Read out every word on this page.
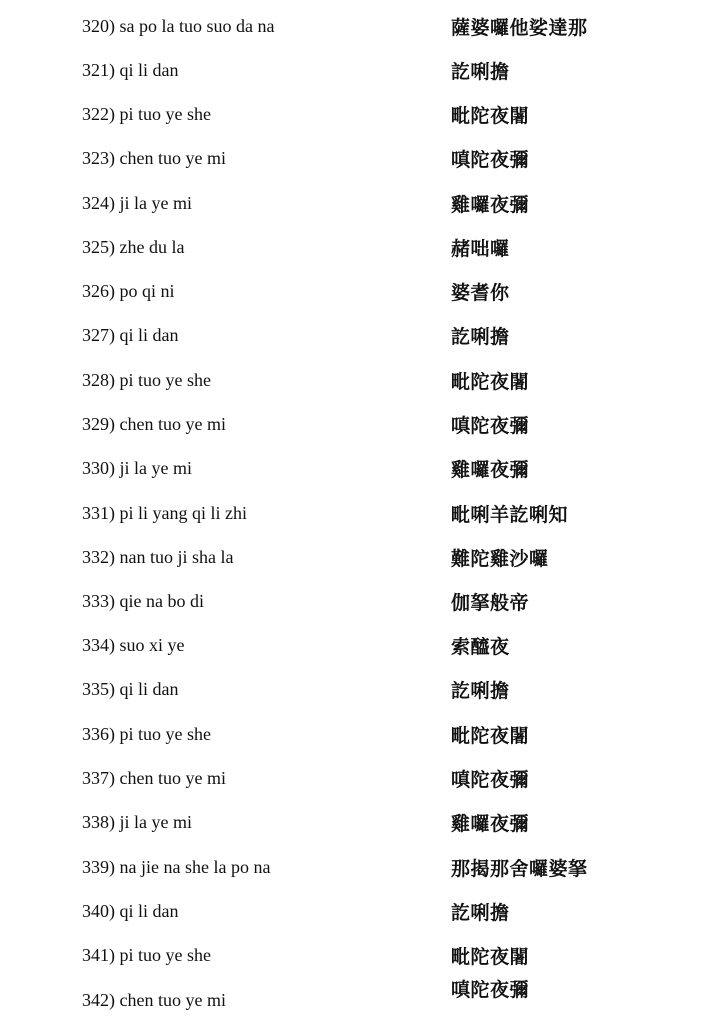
320) sa po la tuo suo da na	薩婆囉他娑達那
321) qi li dan	訖唎擔
322) pi tuo ye she	毗陀夜闍
323) chen tuo ye mi	嗔陀夜彌
324) ji la ye mi	雞囉夜彌
325) zhe du la	赭咄囉
326) po qi ni	婆耆你
327) qi li dan	訖唎擔
328) pi tuo ye she	毗陀夜闍
329) chen tuo ye mi	嗔陀夜彌
330) ji la ye mi	雞囉夜彌
331) pi li yang qi li zhi	毗唎羊訖唎知
332) nan tuo ji sha la	難陀雞沙囉
333) qie na bo di	伽拏般帝
334) suo xi ye	索醯夜
335) qi li dan	訖唎擔
336) pi tuo ye she	毗陀夜闍
337) chen tuo ye mi	嗔陀夜彌
338) ji la ye mi	雞囉夜彌
339) na jie na she la po na	那揭那舍囉婆拏
340) qi li dan	訖唎擔
341) pi tuo ye she	毗陀夜闍
342) chen tuo ye mi	嗔陀夜彌
